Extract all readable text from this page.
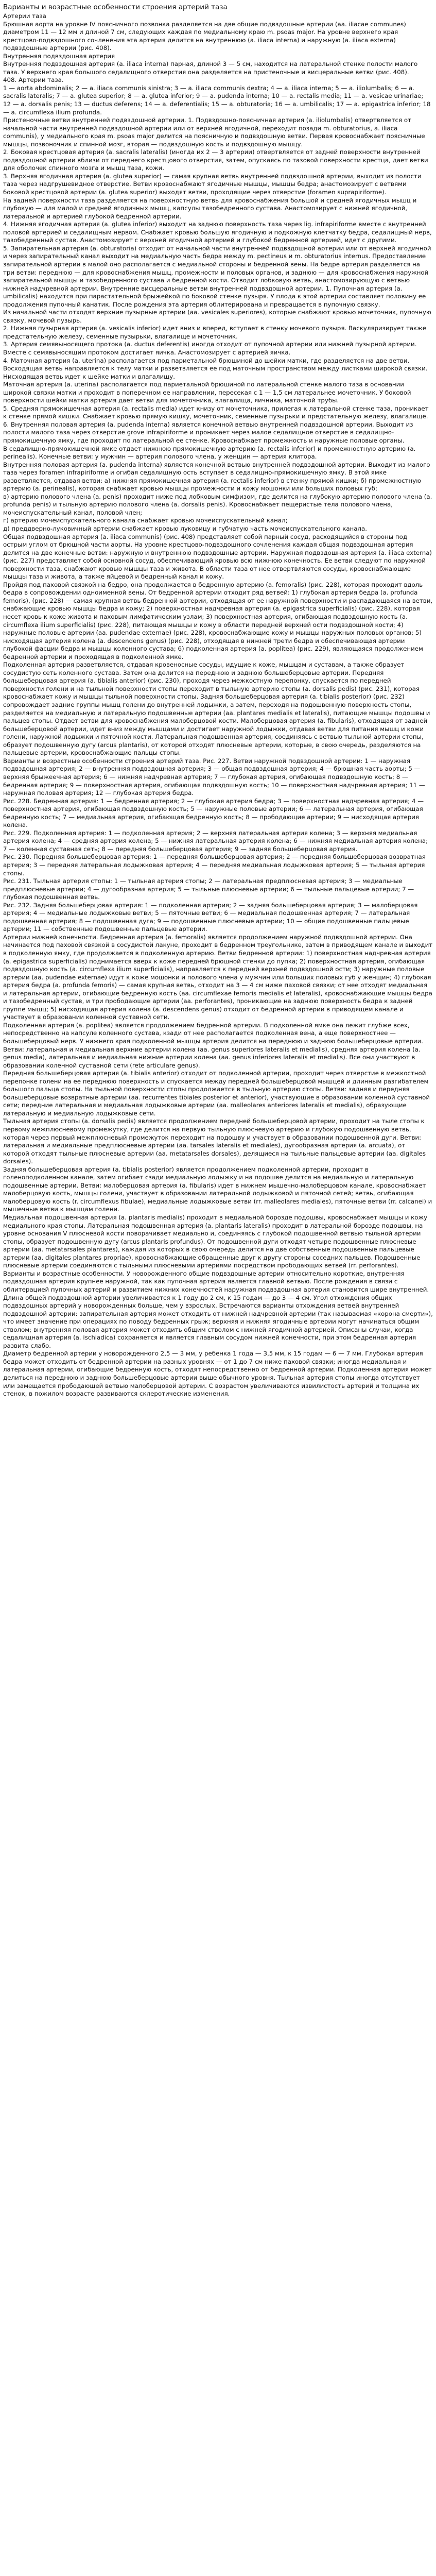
Варианты и возрастные особенности строения артерий таза

Артерии таза

Брюшная аорта на уровне IV поясничного позвонка разделяется на две общие подвздошные артерии (аа. iliacae communes) диаметром 11 — 12 мм и длиной 7 см, следующих каждая по медиальному краю m. psoas major. На уровне верхнего края крестцово-подвздошного сочленения эта артерия делится на внутреннюю (a. iliaca interna) и наружную (a. iliaca externa) подвздошные артерии (рис. 408).

Внутренняя подвздошная артерия

Внутренняя подвздошная артерия (a. iliaca interna) парная, длиной 3 — 5 см, находится на латеральной стенке полости малого таза. У верхнего края большого седалищного отверстия она разделяется на пристеночные и висцеральные ветви (рис. 408).

408. Артерии таза.
1 — aorta abdominalis; 2 — a. iliaca communis sinistra; 3 — a. iliaca communis dextra; 4 — a. iliaca interna; 5 — a. iliolumbalis; 6 — a. sacralis lateralis; 7 — a. glutea superior; 8 — a. glutea inferior; 9 — a. pudenda interna; 10 — a. rectalis media; 11 — a. vesicae urinariae; 12 — a. dorsalis penis; 13 — ductus deferens; 14 — a. deferentialis; 15 — a. obturatoria; 16 — a. umbilicalis; 17 — a. epigastrica inferior; 18 — a. circumflexa ilium profunda.

Пристеночные ветви внутренней подвздошной артерии. 1. Подвздошно-поясничная артерия (a. iliolumbalis) отвертвляется от начальной части внутренней подвздошной артерии или от верхней ягодичной, переходит позади m. obturatorius, a. iliaca communis), у медиального края m. psoas major делится на поясничную и подвздошную ветви. Первая кровоснабжает поясничные мышцы, позвоночник и спинной мозг, вторая — подвздошную кость и подвздошную мышцу.

2. Боковая крестцовая артерия (a. sacralis lateralis) (иногда их 2 — 3 артерии) отвертвляется от задней поверхности внутренней подвздошной артерии вблизи от переднего крестцового отверстия, затем, опускаясь по тазовой поверхности крестца, дает ветви для оболочек спинного мозга и мышц таза, кожи.

3. Верхняя ягодичная артерия (a. glutea superior) — самая крупная ветвь внутренней подвздошной артерии, выходит из полости таза через надгрушевидное отверстие. Ветви кровоснабжают ягодичные мышцы, мышцы бедра; анастомозирует с ветвями боковой крестцовой артерии (a. glutea superior) выходят ветви, проходящие через отверстие (foramen suprapiriforme).
На задней поверхности таза разделяется на поверхностную ветвь для кровоснабжения большой и средней ягодичных мышц и глубокую — для малой и средней ягодичных мышц, капсулы тазобедренного сустава. Анастомозирует с нижней ягодичной, латеральной и артерией глубокой бедренной артерии.

4. Нижняя ягодичная артерия (a. glutea inferior) выходит на заднюю поверхность таза через lig. infrapiriforme вместе с внутренней половой артерией и седалищным нервом. Снабжает кровью большую ягодичную и подкожную клетчатку бедра, седалищный нерв, тазобедренный сустав. Анастомозирует с верхней ягодичной артерией и глубокой бедренной артерией, идет с другими.

5. Запирательная артерия (a. obturatoria) отходит от начальной части внутренней подвздошной артерии или от верхней ягодичной и через запирательный канал выходит на медиальную часть бедра между m. pectineus и m. obturatorius internus. Предоставление запирательной артерии в малой оно располагается с медиальной стороны и бедренной вены. На бедре артерия разделяется на три ветви: переднюю — для кровоснабжения мышц, промежности и половых органов, и заднюю — для кровоснабжения наружной запирательной мышцы и тазобедренного сустава и бедренной кости. Отводит лобковую ветвь, анастомозирующую с ветвью нижней надчревной артерии. Внутренние висцеральные ветви внутренней подвздошной артерии. 1. Пупочная артерия (a. umbilicalis) находится при парастательной брыжейкой по боковой стенке пузыря. У плода к этой артерии составляет половину ее продолжения пупочный канатик. После рождения эта артерия облитерирована и превращается в пупочную связку.
Из начальной части отходят верхние пузырные артерии (aa. vesicales superiores), которые снабжают кровью мочеточник, пупочную связку, мочевой пузырь.

2. Нижняя пузырная артерия (a. vesicalis inferior) идет вниз и вперед, вступает в стенку мочевого пузыря. Васкуляризирует также предстательную железу, семенные пузырьки, влагалище и мочеточник.

3. Артерия семявыносящего протока (a. ductus deferentis) иногда отходит от пупочной артерии или нижней пузырной артерии. Вместе с семявыносящим протоком достигает яичка. Анастомозирует с артерией яичка.

4. Маточная артерия (a. uterina) располагается под париетальной брюшиной до шейки матки, где разделяется на две ветви. Восходящая ветвь направляется к телу матки и разветвляется ее под маточным пространством между листками широкой связки. Нисходящая ветвь идет к шейке матки и влагалищу.
Маточная артерия (a. uterina) располагается под париетальной брюшиной по латеральной стенке малого таза в основании широкой связки матки и проходит в поперечном ее направлении, пересекая с 1 — 1,5 см латеральнее мочеточник. У боковой поверхности шейки матки артерия дает ветви для мочеточника, влагалища, яичника, маточной трубы.

5. Средняя прямокишечная артерия (a. rectalis media) идет книзу от мочеточника, прилегая к латеральной стенке таза, проникает к стенке прямой кишки. Снабжает кровью прямую кишку, мочеточник, семенные пузырьки и предстательную железу, влагалище.

6. Внутренняя половая артерия (a. pudenda interna) является конечной ветвью внутренней подвздошной артерии. Выходит из полости малого таза через отверстие grove infrapiriforme и проникает через малое седалищное отверстие в седалищно-прямокишечную ямку, где проходит по латеральной ее стенке. Кровоснабжает промежность и наружные половые органы.
В седалищно-прямокишечной ямке отдает нижнюю прямокишечную артерию (a. rectalis inferior) и промежностную артерию (a. perinealis). Конечные ветви: у мужчин — артерия полового члена, у женщин — артерия клитора.

Внутренняя половая артерия (a. pudenda interna) является конечной ветвью внутренней подвздошной артерии. Выходит из малого таза через foramen infrapiriforme и огибая седалищную ость вступает в седалищно-прямокишечную ямку. В этой ямке разветвляется, отдавая ветви: а) нижняя прямокишечная артерия (a. rectalis inferior) в стенку прямой кишки; б) промежностную артерию (a. perinealis), которая снабжает кровью мышцы промежности и кожу мошонки или больших половых губ;

в) артерию полового члена (a. penis) проходит ниже под лобковым симфизом, где делится на глубокую артерию полового члена (a. profunda penis) и тыльную артерию полового члена (a. dorsalis penis). Кровоснабжает пещеристые тела полового члена, мочеиспускательный канал, половой член;

г) артерию мочеиспускательного канала снабжает кровью мочеиспускательный канал;

д) преддверно-луковичный артерии снабжает кровью луковицу и губчатую часть мочеиспускательного канала.

Общая подвздошная артерия (a. iliaca communis) (рис. 408) представляет собой парный сосуд, расходящийся в стороны под острым углом от брюшной части аорты. На уровне крестцово-подвздошного сочленения каждая общая подвздошная артерия делится на две конечные ветви: наружную и внутреннюю подвздошные артерии. Наружная подвздошная артерия (a. iliaca externa) (рис. 227) представляет собой основной сосуд, обеспечивающий кровью всю нижнюю конечность. Ее ветви следуют по наружной поверхности таза, снабжают кровью мышцы таза и живота. В области таза от нее отвертвляются сосуды, кровоснабжающие мышцы таза и живота, а также яйцевой и бедренный канал и кожу.
Пройдя под паховой связкой на бедро, она продолжается в бедренную артерию (a. femoralis) (рис. 228), которая проходит вдоль бедра в сопровождении одноименной вены. От бедренной артерии отходит ряд ветвей: 1) глубокая артерия бедра (a. profunda femoris), (рис. 228) — самая крупная ветвь бедренной артерии, отходящая от ее наружной поверхности и распадающаяся на ветви, снабжающие кровью мышцы бедра и кожу; 2) поверхностная надчревная артерия (a. epigastrica superficialis) (рис. 228), которая несет кровь к коже живота и паховым лимфатическим узлам; 3) поверхностная артерия, огибающая подвздошную кость (a. circumflexa ilium superficialis) (рис. 228), питающая мышцы и кожу в области передней верхней ости подвздошной кости; 4) наружные половые артерии (aa. pudendae externae) (рис. 228), кровоснабжающие кожу и мышцы наружных половых органов; 5) нисходящая артерия колена (a. descendens genus) (рис. 228), отходящая в нижней трети бедра и обеспечивающая артерии глубокой фасции бедра и мышцы коленного сустава; 6) подколенная артерия (a. poplitea) (рис. 229), являющаяся продолжением бедренной артерии и проходящая в подколенной ямке.

Подколенная артерия разветвляется, отдавая кровеносные сосуды, идущие к коже, мышцам и суставам, а также образует сосудистую сеть коленного сустава. Затем она делится на переднюю и заднюю большеберцовые артерии. Передняя большеберцовая артерия (a. tibialis anterior) (рис. 230), проходя через межкостную перепонку, спускается по передней поверхности голени и на тыльной поверхности стопы переходит в тыльную артерию стопы (a. dorsalis pedis) (рис. 231), которая кровоснабжает кожу и мышцы тыльной поверхности стопы. Задняя большеберцовая артерия (a. tibialis posterior) (рис. 232) сопровождает задние группы мышц голени до внутренней лодыжки, а затем, переходя на подошвенную поверхность стопы, разделяется на медиальную и латеральную подошвенные артерии (aa. plantares medialis et lateralis), питающие мышцы подошвы и пальцев стопы. Отдает ветви для кровоснабжения малоберцовой кости. Малоберцовая артерия (a. fibularis), отходящая от задней большеберцовой артерии, идет вниз между мышцами и достигает наружной лодыжки, отдавая ветви для питания мышц и кожи голени, наружной лодыжки и пяточной кости. Латеральная подошвенная артерия, соединяясь с ветвью тыльной артерии стопы, образует подошвенную дугу (arcus plantaris), от которой отходят плюсневые артерии, которые, в свою очередь, разделяются на пальцевые артерии, кровоснабжающие пальцы стопы.

Варианты и возрастные особенности строения артерий таза. Рис. 227. Ветви наружной подвздошной артерии: 1 — наружная подвздошная артерия; 2 — внутренняя подвздошная артерия; 3 — общая подвздошная артерия; 4 — брюшная часть аорты; 5 — верхняя брыжеечная артерия; 6 — нижняя надчревная артерия; 7 — глубокая артерия, огибающая подвздошную кость; 8 — бедренная артерия; 9 — поверхностная артерия, огибающая подвздошную кость; 10 — поверхностная надчревная артерия; 11 — наружная половая артерия; 12 — глубокая артерия бедра.
Рис. 228. Бедренная артерия: 1 — бедренная артерия; 2 — глубокая артерия бедра; 3 — поверхностная надчревная артерия; 4 — поверхностная артерия, огибающая подвздошную кость; 5 — наружные половые артерии; 6 — латеральная артерия, огибающая бедренную кость; 7 — медиальная артерия, огибающая бедренную кость; 8 — прободающие артерии; 9 — нисходящая артерия колена.
Рис. 229. Подколенная артерия: 1 — подколенная артерия; 2 — верхняя латеральная артерия колена; 3 — верхняя медиальная артерия колена; 4 — средняя артерия колена; 5 — нижняя латеральная артерия колена; 6 — нижняя медиальная артерия колена; 7 — коленная суставная сеть; 8 — передняя большеберцовая артерия; 9 — задняя большеберцовая артерия.
Рис. 230. Передняя большеберцовая артерия: 1 — передняя большеберцовая артерия; 2 — передняя большеберцовая возвратная артерия; 3 — передняя латеральная лодыжковая артерия; 4 — передняя медиальная лодыжковая артерия; 5 — тыльная артерия стопы.
Рис. 231. Тыльная артерия стопы: 1 — тыльная артерия стопы; 2 — латеральная предплюсневая артерия; 3 — медиальные предплюсневые артерии; 4 — дугообразная артерия; 5 — тыльные плюсневые артерии; 6 — тыльные пальцевые артерии; 7 — глубокая подошвенная ветвь.
Рис. 232. Задняя большеберцовая артерия: 1 — подколенная артерия; 2 — задняя большеберцовая артерия; 3 — малоберцовая артерия; 4 — медиальные лодыжковые ветви; 5 — пяточные ветви; 6 — медиальная подошвенная артерия; 7 — латеральная подошвенная артерия; 8 — подошвенная дуга; 9 — подошвенные плюсневые артерии; 10 — общие подошвенные пальцевые артерии; 11 — собственные подошвенные пальцевые артерии.

Артерии нижней конечности. Бедренная артерия (a. femoralis) является продолжением наружной подвздошной артерии. Она начинается под паховой связкой в сосудистой лакуне, проходит в бедренном треугольнике, затем в приводящем канале и выходит в подколенную ямку, где продолжается в подколенную артерию. Ветви бедренной артерии: 1) поверхностная надчревная артерия (a. epigastrica superficialis) поднимается вверх к коже передней брюшной стенки до пупка; 2) поверхностная артерия, огибающая подвздошную кость (a. circumflexa ilium superficialis), направляется к передней верхней подвздошной ости; 3) наружные половые артерии (aa. pudendae externae) идут к коже мошонки и полового члена у мужчин или больших половых губ у женщин; 4) глубокая артерия бедра (a. profunda femoris) — самая крупная ветвь, отходит на 3 — 4 см ниже паховой связки; от нее отходят медиальная и латеральная артерии, огибающие бедренную кость (aa. circumflexae femoris medialis et lateralis), кровоснабжающие мышцы бедра и тазобедренный сустав, и три прободающие артерии (aa. perforantes), проникающие на заднюю поверхность бедра к задней группе мышц; 5) нисходящая артерия колена (a. descendens genus) отходит от бедренной артерии в приводящем канале и участвует в образовании коленной суставной сети.

Подколенная артерия (a. poplitea) является продолжением бедренной артерии. В подколенной ямке она лежит глубже всех, непосредственно на капсуле коленного сустава, кзади от нее располагается подколенная вена, а еще поверхностнее — большеберцовый нерв. У нижнего края подколенной мышцы артерия делится на переднюю и заднюю большеберцовые артерии. Ветви: латеральная и медиальная верхние артерии колена (aa. genus superiores lateralis et medialis), средняя артерия колена (a. genus media), латеральная и медиальная нижние артерии колена (aa. genus inferiores lateralis et medialis). Все они участвуют в образовании коленной суставной сети (rete articulare genus).

Передняя большеберцовая артерия (a. tibialis anterior) отходит от подколенной артерии, проходит через отверстие в межкостной перепонке голени на ее переднюю поверхность и спускается между передней большеберцовой мышцей и длинным разгибателем большого пальца стопы. На тыльной поверхности стопы продолжается в тыльную артерию стопы. Ветви: задняя и передняя большеберцовые возвратные артерии (aa. recurrentes tibiales posterior et anterior), участвующие в образовании коленной суставной сети; передние латеральная и медиальная лодыжковые артерии (aa. malleolares anteriores lateralis et medialis), образующие латеральную и медиальную лодыжковые сети.

Тыльная артерия стопы (a. dorsalis pedis) является продолжением передней большеберцовой артерии, проходит на тыле стопы к первому межплюсневому промежутку, где делится на первую тыльную плюсневую артерию и глубокую подошвенную ветвь, которая через первый межплюсневый промежуток переходит на подошву и участвует в образовании подошвенной дуги. Ветви: латеральная и медиальные предплюсневые артерии (aa. tarsales lateralis et mediales), дугообразная артерия (a. arcuata), от которой отходят тыльные плюсневые артерии (aa. metatarsales dorsales), делящиеся на тыльные пальцевые артерии (aa. digitales dorsales).

Задняя большеберцовая артерия (a. tibialis posterior) является продолжением подколенной артерии, проходит в голеноподколенном канале, затем огибает сзади медиальную лодыжку и на подошве делится на медиальную и латеральную подошвенные артерии. Ветви: малоберцовая артерия (a. fibularis) идет в нижнем мышечно-малоберцовом канале, кровоснабжает малоберцовую кость, мышцы голени, участвует в образовании латеральной лодыжковой и пяточной сетей; ветвь, огибающая малоберцовую кость (r. circumflexus fibulae), медиальные лодыжковые ветви (rr. malleolares mediales), пяточные ветви (rr. calcanei) и мышечные ветви к мышцам голени.

Медиальная подошвенная артерия (a. plantaris medialis) проходит в медиальной борозде подошвы, кровоснабжает мышцы и кожу медиального края стопы. Латеральная подошвенная артерия (a. plantaris lateralis) проходит в латеральной борозде подошвы, на уровне основания V плюсневой кости поворачивает медиально и, соединяясь с глубокой подошвенной ветвью тыльной артерии стопы, образует подошвенную дугу (arcus plantaris profundus). От подошвенной дуги отходят четыре подошвенные плюсневые артерии (aa. metatarsales plantares), каждая из которых в свою очередь делится на две собственные подошвенные пальцевые артерии (aa. digitales plantares propriae), кровоснабжающие обращенные друг к другу стороны соседних пальцев. Подошвенные плюсневые артерии соединяются с тыльными плюсневыми артериями посредством прободающих ветвей (rr. perforantes).

Варианты и возрастные особенности. У новорожденного общие подвздошные артерии относительно короткие, внутренняя подвздошная артерия крупнее наружной, так как пупочная артерия является главной ветвью. После рождения в связи с облитерацией пупочных артерий и развитием нижних конечностей наружная подвздошная артерия становится шире внутренней. Длина общей подвздошной артерии увеличивается к 1 году до 2 см, к 15 годам — до 3 — 4 см. Угол отхождения общих подвздошных артерий у новорожденных больше, чем у взрослых. Встречаются варианты отхождения ветвей внутренней подвздошной артерии: запирательная артерия может отходить от нижней надчревной артерии (так называемая «корона смерти»), что имеет значение при операциях по поводу бедренных грыж; верхняя и нижняя ягодичные артерии могут начинаться общим стволом; внутренняя половая артерия может отходить общим стволом с нижней ягодичной артерией. Описаны случаи, когда седалищная артерия (a. ischiadica) сохраняется и является главным сосудом нижней конечности, при этом бедренная артерия развита слабо.

Диаметр бедренной артерии у новорожденного 2,5 — 3 мм, у ребенка 1 года — 3,5 мм, к 15 годам — 6 — 7 мм. Глубокая артерия бедра может отходить от бедренной артерии на разных уровнях — от 1 до 7 см ниже паховой связки; иногда медиальная и латеральная артерии, огибающие бедренную кость, отходят непосредственно от бедренной артерии. Подколенная артерия может делиться на переднюю и заднюю большеберцовые артерии выше обычного уровня. Тыльная артерия стопы иногда отсутствует или замещается прободающей ветвью малоберцовой артерии. С возрастом увеличиваются извилистость артерий и толщина их стенок, в пожилом возрасте развиваются склеротические изменения.
